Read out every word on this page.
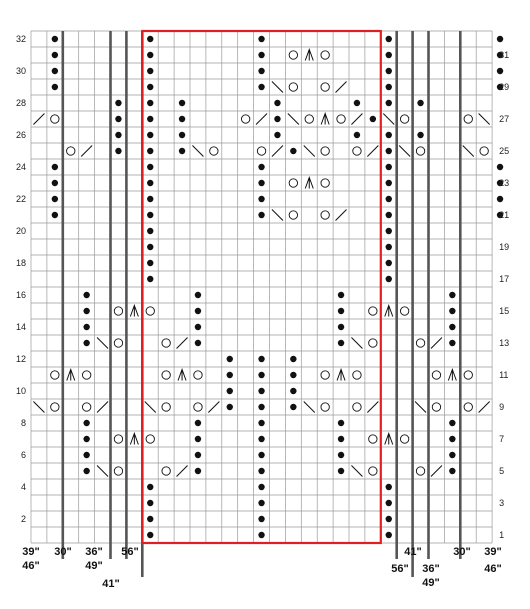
32
30
28
26
24
22
20
18
16
14
12
10
8
6
4
2
31
29
27
25
23
21
19
17
15
13
11
9
7
5
3
1
39"
46"
30" 36"
49"
41"
56"
56"
41"
36"
49"
30" 39"
46"
